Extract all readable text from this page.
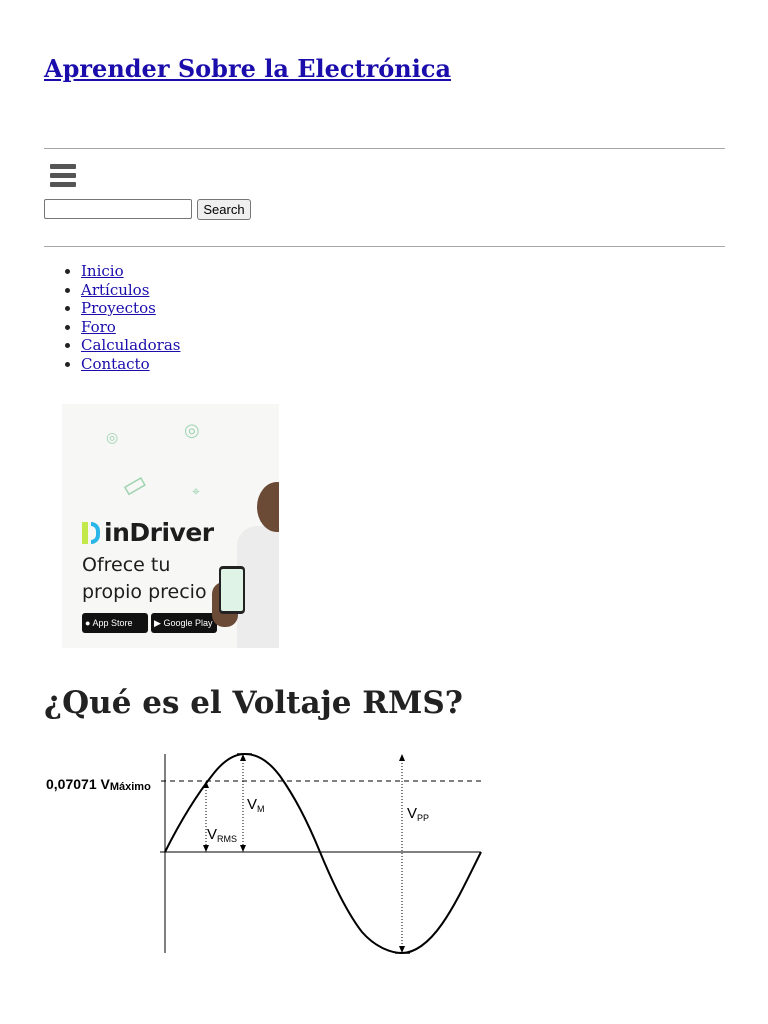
Aprender Sobre la Electrónica
Search
• Inicio
• Artículos
• Proyectos
• Foro
• Calculadoras
• Contacto
◎	◎
▭	⌖
inDriver
Ofrece tu
propio precio
● App Store	▶ Google Play
¿Qué es el Voltaje RMS?
0,07071 VMáximo
$V_M$
$V_{RMS}$
$V_{PP}$
